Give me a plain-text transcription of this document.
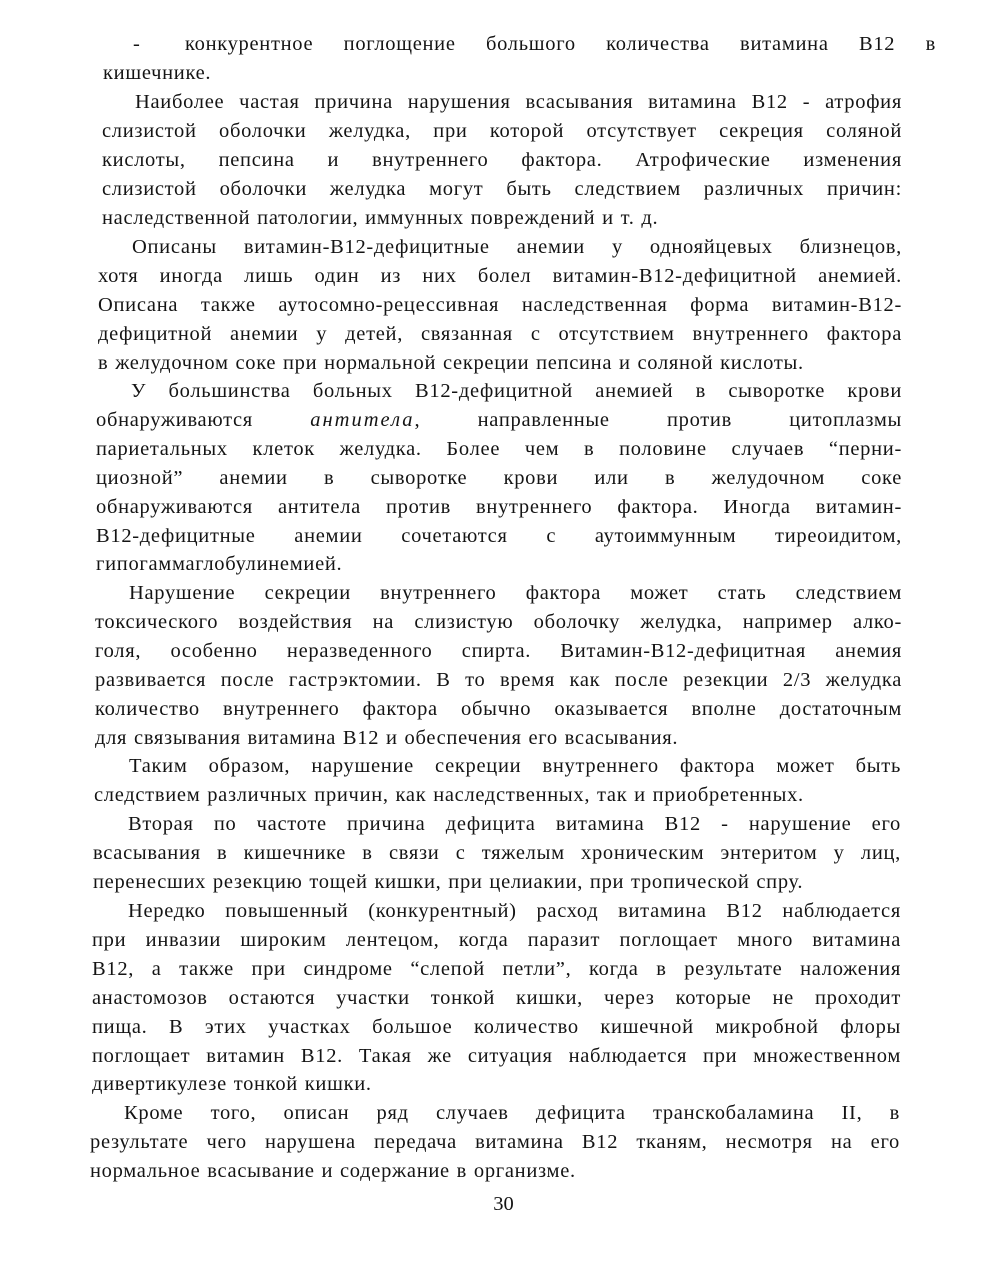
- конкурентное поглощение большого количества витамина В12 в
кишечнике.

Наиболее частая причина нарушения всасывания витамина В12 - атрофия
слизистой оболочки желудка, при которой отсутствует секреция соляной
кислоты, пепсина и внутреннего фактора. Атрофические изменения
слизистой оболочки желудка могут быть следствием различных причин:
наследственной патологии, иммунных повреждений и т. д.

Описаны витамин-В12-дефицитные анемии у однояйцевых близнецов,
хотя иногда лишь один из них болел витамин-В12-дефицитной анемией.
Описана также аутосомно-рецессивная наследственная форма витамин-В12-
дефицитной анемии у детей, связанная с отсутствием внутреннего фактора
в желудочном соке при нормальной секреции пепсина и соляной кислоты.

У большинства больных В12-дефицитной анемией в сыворотке крови
обнаруживаются	антитела, направленные против цитоплазмы
париетальных клеток желудка. Более чем в половине случаев “перни-
циозной” анемии в сыворотке крови или в желудочном соке
обнаруживаются антитела против внутреннего фактора. Иногда витамин-
В12-дефицитные анемии сочетаются с аутоиммунным тиреоидитом,
гипогаммаглобулинемией.

Нарушение секреции внутреннего фактора может стать следствием
токсического воздействия на слизистую оболочку желудка, например алко-
голя, особенно неразведенного спирта. Витамин-В12-дефицитная анемия
развивается после гастрэктомии. В то время как после резекции 2/3 желудка
количество внутреннего фактора обычно оказывается вполне достаточным
для связывания витамина В12 и обеспечения его всасывания.

Таким образом, нарушение секреции внутреннего фактора может быть
следствием различных причин, как наследственных, так и приобретенных.

Вторая по частоте причина дефицита витамина В12 - нарушение его
всасывания в кишечнике в связи с тяжелым хроническим энтеритом у лиц,
перенесших резекцию тощей кишки, при целиакии, при тропической спру.

Нередко повышенный (конкурентный) расход витамина В12 наблюдается
при инвазии широким лентецом, когда паразит поглощает много витамина
В12, а также при синдроме “слепой петли”, когда в результате наложения
анастомозов остаются участки тонкой кишки, через которые не проходит
пища. В этих участках большое количество кишечной микробной флоры
поглощает витамин В12. Такая же ситуация наблюдается при множественном
дивертикулезе тонкой кишки.

Кроме того, описан ряд случаев дефицита транскобаламина II, в
результате чего нарушена передача витамина В12 тканям, несмотря на его
нормальное всасывание и содержание в организме.

30
